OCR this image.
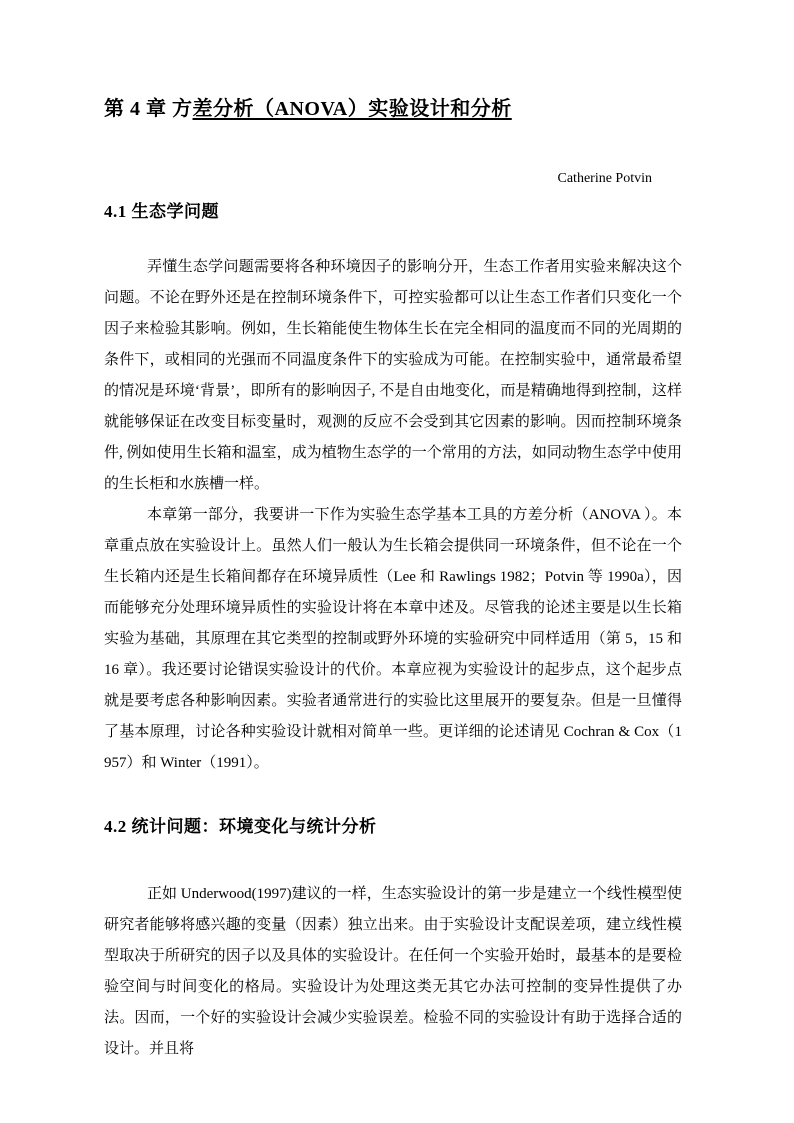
第 4 章 方差分析（ANOVA）实验设计和分析
Catherine Potvin
4.1 生态学问题

弄懂生态学问题需要将各种环境因子的影响分开，生态工作者用实验来解决这个问题。不论在野外还是在控制环境条件下，可控实验都可以让生态工作者们只变化一个因子来检验其影响。例如，生长箱能使生物体生长在完全相同的温度而不同的光周期的条件下，或相同的光强而不同温度条件下的实验成为可能。在控制实验中，通常最希望的情况是环境‘背景’，即所有的影响因子, 不是自由地变化，而是精确地得到控制，这样就能够保证在改变目标变量时，观测的反应不会受到其它因素的影响。因而控制环境条件, 例如使用生长箱和温室，成为植物生态学的一个常用的方法，如同动物生态学中使用的生长柜和水族槽一样。

本章第一部分，我要讲一下作为实验生态学基本工具的方差分析（ANOVA ）。本章重点放在实验设计上。虽然人们一般认为生长箱会提供同一环境条件，但不论在一个生长箱内还是生长箱间都存在环境异质性（Lee 和 Rawlings 1982；Potvin 等 1990a），因而能够充分处理环境异质性的实验设计将在本章中述及。尽管我的论述主要是以生长箱实验为基础，其原理在其它类型的控制或野外环境的实验研究中同样适用（第 5，15 和 16 章）。我还要讨论错误实验设计的代价。本章应视为实验设计的起步点，这个起步点就是要考虑各种影响因素。实验者通常进行的实验比这里展开的要复杂。但是一旦懂得了基本原理，讨论各种实验设计就相对简单一些。更详细的论述请见 Cochran & Cox（1957）和 Winter（1991）。

4.2 统计问题：环境变化与统计分析

正如 Underwood(1997)建议的一样，生态实验设计的第一步是建立一个线性模型使研究者能够将感兴趣的变量（因素）独立出来。由于实验设计支配误差项，建立线性模型取决于所研究的因子以及具体的实验设计。在任何一个实验开始时，最基本的是要检验空间与时间变化的格局。实验设计为处理这类无其它办法可控制的变异性提供了办法。因而，一个好的实验设计会减少实验误差。检验不同的实验设计有助于选择合适的设计。并且将
